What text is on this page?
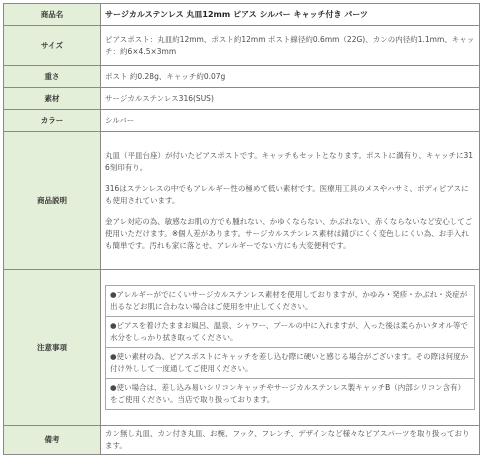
商品名	サージカルステンレス 丸皿12mm ピアス シルバー キャッチ付き パーツ
サイズ	ピアスポスト：丸皿約12mm、ポスト約12mm ポスト線径約0.6mm（22G)、カンの内径約1.1mm、キャッチ：約6×4.5×3mm
重さ	ポスト 約0.28g、キャッチ約0.07g
素材	サージカルステンレス316(SUS)
カラー	シルバー
商品説明	丸皿（平皿台座）が付いたピアスポストです。キャッチもセットとなります。ポストに溝有り、キャッチに316刻印有り。

316はステンレスの中でもアレルギー性の極めて低い素材です。医療用工具のメスやハサミ、ボディピアスにも使用されています。

金アレ対応の為、敏感なお肌の方でも腫れない、かゆくならない、かぶれない、赤くならないなど安心してご使用いただけます。※個人差があります。サージカルステンレス素材は錆びにくく変色しにくい為、お手入れも簡単です。汚れも家に落とせ、アレルギーでない方にも大変便利です。

注意事項	●アレルギーがでにくいサージカルステンレス素材を使用しておりますが、かゆみ・発疹・かぶれ・炎症が出るなどお肌に合わない場合はご使用を中止してください。
●ピアスを着けたままお風呂、温泉、シャワー、プールの中に入れますが、入った後は柔らかいタオル等で水分をしっかり拭き取ってください。
●使い素材の為、ピアスポストにキャッチを差し込む際に硬いと感じる場合がございます。その際は何度か付け外しして一度通してご使用ください。
●使い場合は、差し込み易いシリコンキャッチやサージカルステンレス製キャッチB（内部シリコン含有）をご使用ください。当店で取り扱っております。

備考	カン無し丸皿、カン付き丸皿、お椀、フック、フレンチ、デザインなど様々なピアスパーツを取り扱っております。
